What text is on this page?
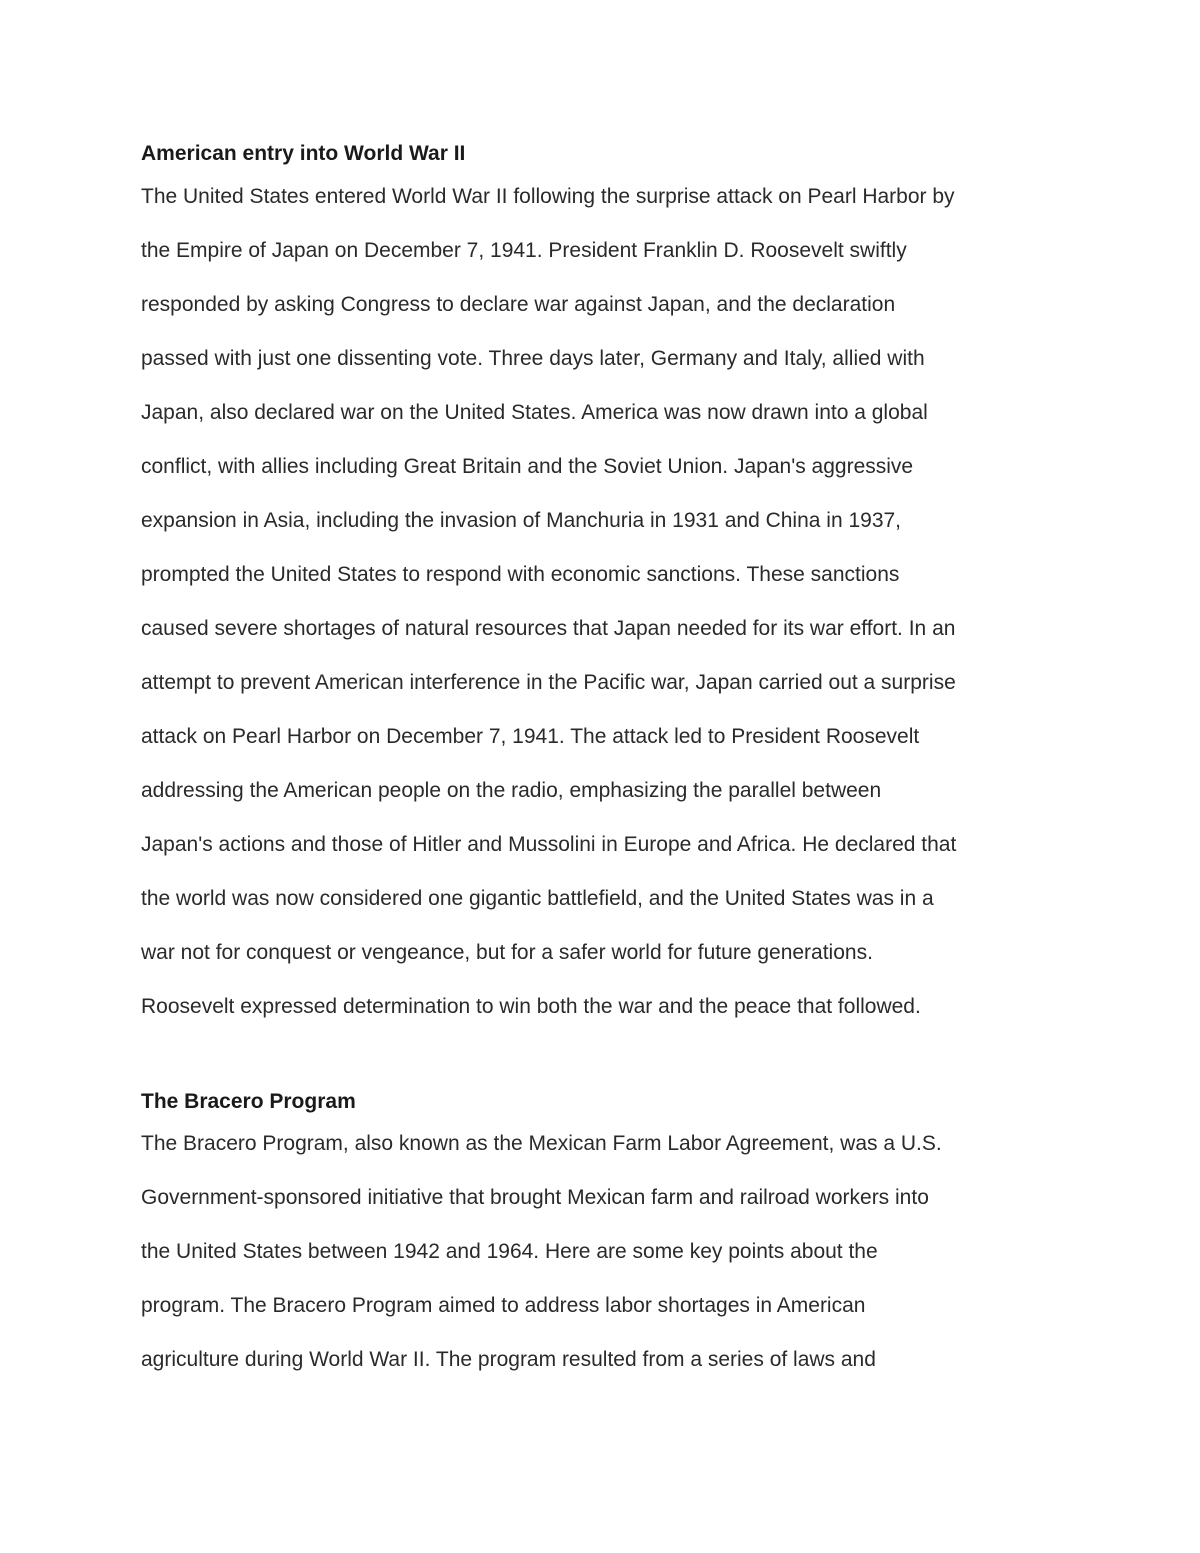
American entry into World War II

The United States entered World War II following the surprise attack on Pearl Harbor by

the Empire of Japan on December 7, 1941. President Franklin D. Roosevelt swiftly

responded by asking Congress to declare war against Japan, and the declaration

passed with just one dissenting vote. Three days later, Germany and Italy, allied with

Japan, also declared war on the United States. America was now drawn into a global

conflict, with allies including Great Britain and the Soviet Union. Japan's aggressive

expansion in Asia, including the invasion of Manchuria in 1931 and China in 1937,

prompted the United States to respond with economic sanctions. These sanctions

caused severe shortages of natural resources that Japan needed for its war effort. In an

attempt to prevent American interference in the Pacific war, Japan carried out a surprise

attack on Pearl Harbor on December 7, 1941. The attack led to President Roosevelt

addressing the American people on the radio, emphasizing the parallel between

Japan's actions and those of Hitler and Mussolini in Europe and Africa. He declared that

the world was now considered one gigantic battlefield, and the United States was in a

war not for conquest or vengeance, but for a safer world for future generations.

Roosevelt expressed determination to win both the war and the peace that followed.

The Bracero Program

The Bracero Program, also known as the Mexican Farm Labor Agreement, was a U.S.

Government-sponsored initiative that brought Mexican farm and railroad workers into

the United States between 1942 and 1964. Here are some key points about the

program. The Bracero Program aimed to address labor shortages in American

agriculture during World War II. The program resulted from a series of laws and
